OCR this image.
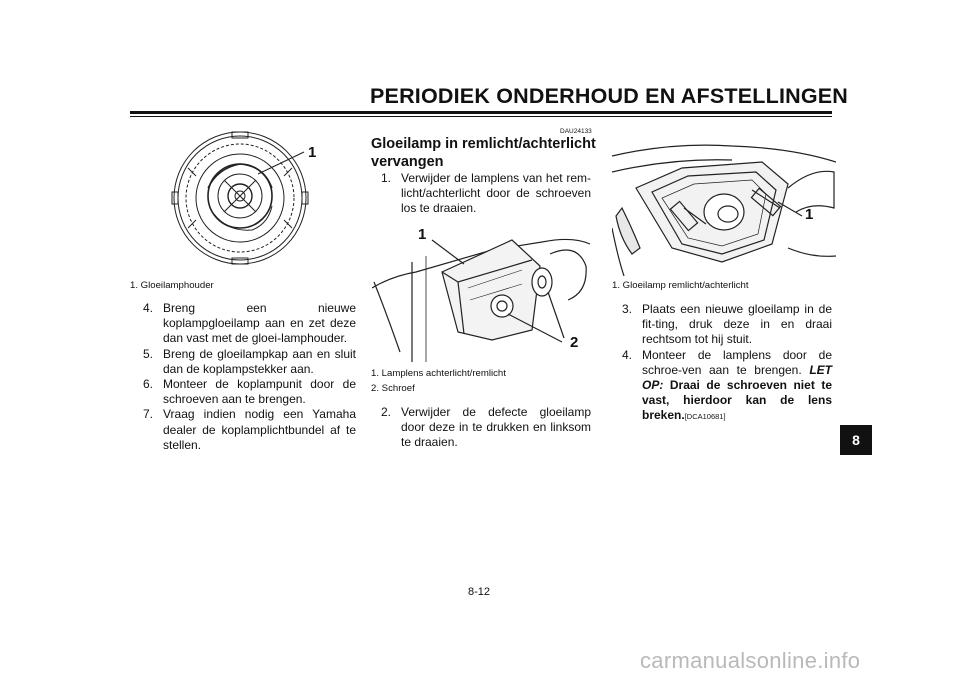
PERIODIEK ONDERHOUD EN AFSTELLINGEN
1
1. Gloeilamphouder
4. Breng een nieuwe koplampgloeilamp aan en zet deze dan vast met de gloei-lamphouder.
5. Breng de gloeilampkap aan en sluit dan de koplampstekker aan.
6. Monteer de koplampunit door de schroeven aan te brengen.
7. Vraag indien nodig een Yamaha dealer de koplamplichtbundel af te stellen.
DAU24133
Gloeilamp in remlicht/achterlicht
vervangen
1. Verwijder de lamplens van het rem-licht/achterlicht door de schroeven los te draaien.
1
2
1. Lamplens achterlicht/remlicht
2. Schroef
2. Verwijder de defecte gloeilamp door deze in te drukken en linksom te draaien.
1
1. Gloeilamp remlicht/achterlicht
3. Plaats een nieuwe gloeilamp in de fit-ting, druk deze in en draai rechtsom tot hij stuit.
4. Monteer de lamplens door de schroe-ven aan te brengen. LET OP: Draai de schroeven niet te vast, hierdoor kan de lens breken.[DCA10681]
8
8-12
carmanualsonline.info
